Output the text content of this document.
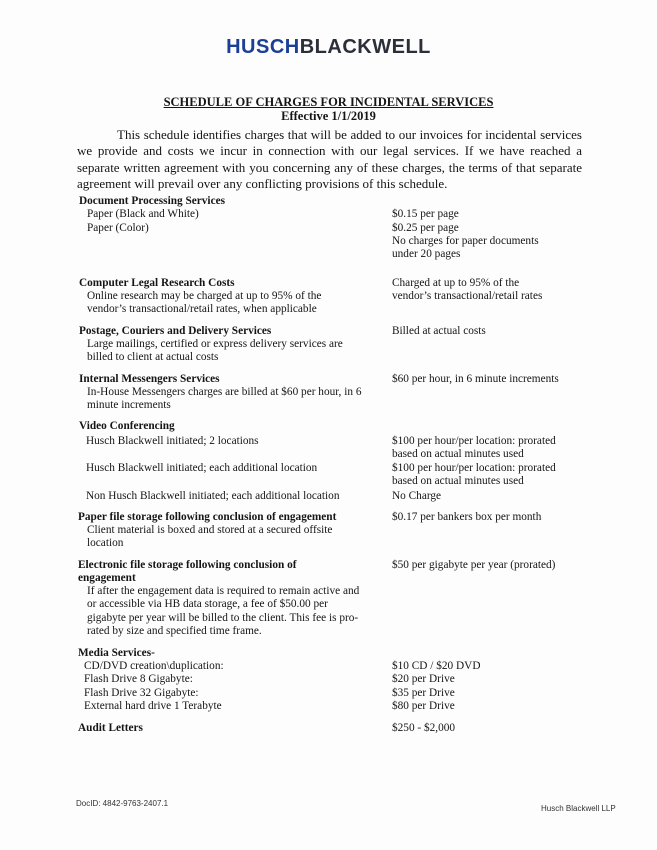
HUSCHBLACKWELL
SCHEDULE OF CHARGES FOR INCIDENTAL SERVICES
Effective 1/1/2019
This schedule identifies charges that will be added to our invoices for incidental services we provide and costs we incur in connection with our legal services. If we have reached a separate written agreement with you concerning any of these charges, the terms of that separate agreement will prevail over any conflicting provisions of this schedule.
Document Processing Services
Paper (Black and White)
Paper (Color)
$0.15 per page
$0.25 per page
No charges for paper documents under 20 pages
Computer Legal Research Costs
Online research may be charged at up to 95% of the vendor’s transactional/retail rates, when applicable
Charged at up to 95% of the vendor’s transactional/retail rates
Postage, Couriers and Delivery Services
Large mailings, certified or express delivery services are billed to client at actual costs
Billed at actual costs
Internal Messengers Services
In-House Messengers charges are billed at $60 per hour, in 6 minute increments
$60 per hour, in 6 minute increments
Video Conferencing
Husch Blackwell initiated; 2 locations
Husch Blackwell initiated; each additional location
Non Husch Blackwell initiated; each additional location
$100 per hour/per location: prorated based on actual minutes used
$100 per hour/per location: prorated based on actual minutes used
No Charge
Paper file storage following conclusion of engagement
Client material is boxed and stored at a secured offsite location
$0.17 per bankers box per month
Electronic file storage following conclusion of engagement
If after the engagement data is required to remain active and or accessible via HB data storage, a fee of $50.00 per gigabyte per year will be billed to the client. This fee is pro-rated by size and specified time frame.
$50 per gigabyte per year (prorated)
Media Services-
CD/DVD creation\duplication:
Flash Drive 8 Gigabyte:
Flash Drive 32 Gigabyte:
External hard drive 1 Terabyte
$10 CD / $20 DVD
$20 per Drive
$35 per Drive
$80 per Drive
Audit Letters	$250 - $2,000
DocID: 4842-9763-2407.1
Husch Blackwell LLP
